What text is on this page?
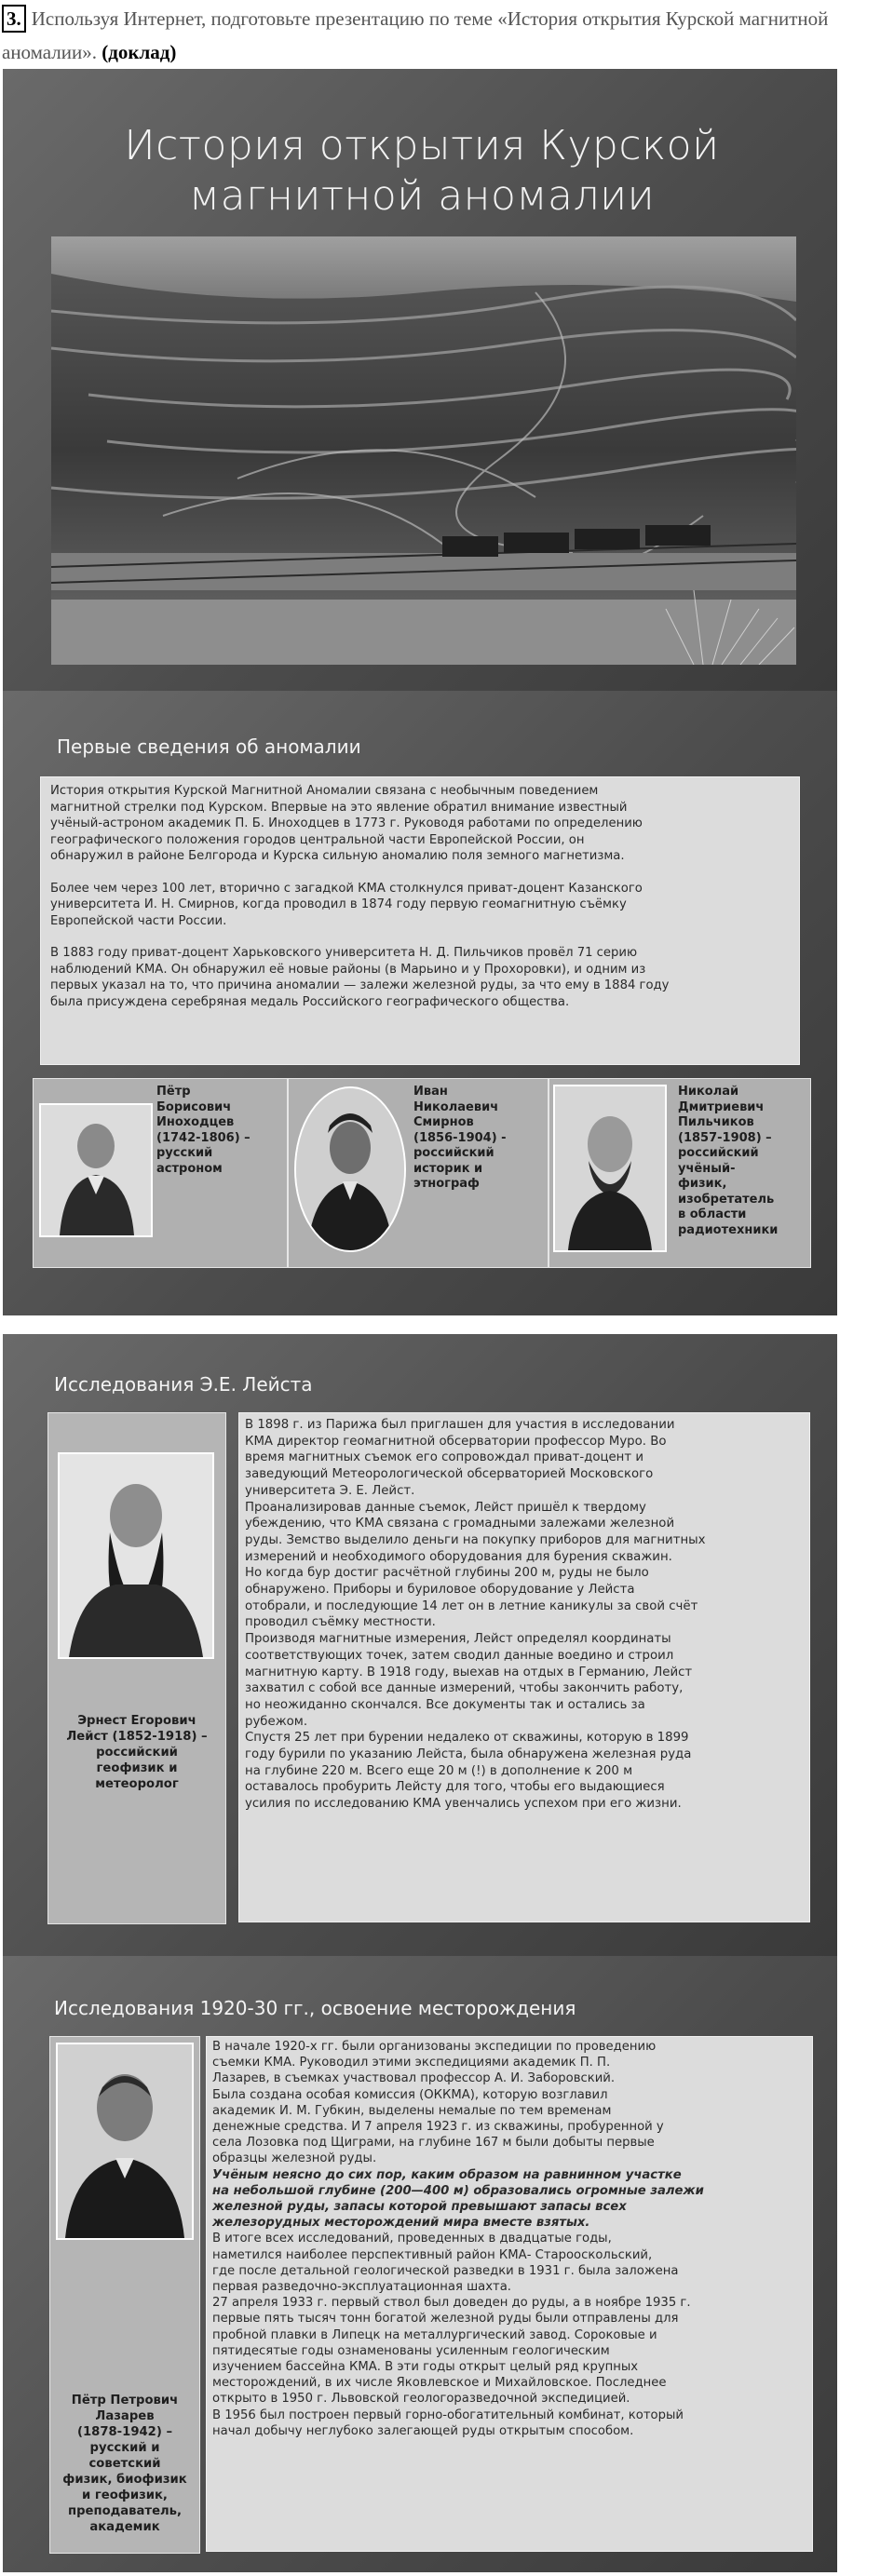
3. Используя Интернет, подготовьте презентацию по теме «История открытия Курской магнитной
аномалии». (доклад)
История открытия Курской
магнитной аномалии
Первые сведения об аномалии

История открытия Курской Магнитной Аномалии связана с необычным поведением
магнитной стрелки под Курском. Впервые на это явление обратил внимание известный
учёный-астроном академик П. Б. Иноходцев в 1773 г. Руководя работами по определению
географического положения городов центральной части Европейской России, он
обнаружил в районе Белгорода и Курска сильную аномалию поля земного магнетизма.

Более чем через 100 лет, вторично с загадкой КМА столкнулся приват-доцент Казанского
университета И. Н. Смирнов, когда проводил в 1874 году первую геомагнитную съёмку
Европейской части России.

В 1883 году приват-доцент Харьковского университета Н. Д. Пильчиков провёл 71 серию
наблюдений КМА. Он обнаружил её новые районы (в Марьино и у Прохоровки), и одним из
первых указал на то, что причина аномалии — залежи железной руды, за что ему в 1884 году
была присуждена серебряная медаль Российского географического общества.

Пётр
Борисович
Иноходцев
(1742-1806) –
русский
астроном
Иван
Николаевич
Смирнов
(1856-1904) -
российский
историк и
этнограф
Николай
Дмитриевич
Пильчиков
(1857-1908) –
российский
учёный-
физик,
изобретатель
в области
радиотехники
Исследования Э.Е. Лейста
Эрнест Егорович
Лейст (1852-1918) –
российский
геофизик и
метеоролог

В 1898 г. из Парижа был приглашен для участия в исследовании
КМА директор геомагнитной обсерватории профессор Муро. Во
время магнитных съемок его сопровождал приват-доцент и
заведующий Метеорологической обсерваторией Московского
университета Э. Е. Лейст.
Проанализировав данные съемок, Лейст пришёл к твердому
убеждению, что КМА связана с громадными залежами железной
руды. Земство выделило деньги на покупку приборов для магнитных
измерений и необходимого оборудования для бурения скважин.
Но когда бур достиг расчётной глубины 200 м, руды не было
обнаружено. Приборы и буриловое оборудование у Лейста
отобрали, и последующие 14 лет он в летние каникулы за свой счёт
проводил съёмку местности.
Производя магнитные измерения, Лейст определял координаты
соответствующих точек, затем сводил данные воедино и строил
магнитную карту. В 1918 году, выехав на отдых в Германию, Лейст
захватил с собой все данные измерений, чтобы закончить работу,
но неожиданно скончался. Все документы так и остались за
рубежом.
Спустя 25 лет при бурении недалеко от скважины, которую в 1899
году бурили по указанию Лейста, была обнаружена железная руда
на глубине 220 м. Всего еще 20 м (!) в дополнение к 200 м
оставалось пробурить Лейсту для того, чтобы его выдающиеся
усилия по исследованию КМА увенчались успехом при его жизни.

Исследования 1920-30 гг., освоение месторождения
Пётр Петрович
Лазарев
(1878-1942) –
русский и
советский
физик, биофизик
и геофизик,
преподаватель,
академик

В начале 1920-х гг. были организованы экспедиции по проведению
съемки КМА. Руководил этими экспедициями академик П. П.
Лазарев, в съемках участвовал профессор А. И. Заборовский.
Была создана особая комиссия (ОККМА), которую возглавил
академик И. М. Губкин, выделены немалые по тем временам
денежные средства. И 7 апреля 1923 г. из скважины, пробуренной у
села Лозовка под Щиграми, на глубине 167 м были добыты первые
образцы железной руды.

Учёным неясно до сих пор, каким образом на равнинном участке
на небольшой глубине (200—400 м) образовались огромные залежи
железной руды, запасы которой превышают запасы всех
железорудных месторождений мира вместе взятых.

В итоге всех исследований, проведенных в двадцатые годы,
наметился наиболее перспективный район КМА- Старооскольский,
где после детальной геологической разведки в 1931 г. была заложена
первая разведочно-эксплуатационная шахта.
27 апреля 1933 г. первый ствол был доведен до руды, а в ноябре 1935 г.
первые пять тысяч тонн богатой железной руды были отправлены для
пробной плавки в Липецк на металлургический завод. Сороковые и
пятидесятые годы ознаменованы усиленным геологическим
изучением бассейна КМА. В эти годы открыт целый ряд крупных
месторождений, в их числе Яковлевское и Михайловское. Последнее
открыто в 1950 г. Львовской геологоразведочной экспедицией.
В 1956 был построен первый горно-обогатительный комбинат, который
начал добычу неглубоко залегающей руды открытым способом.
